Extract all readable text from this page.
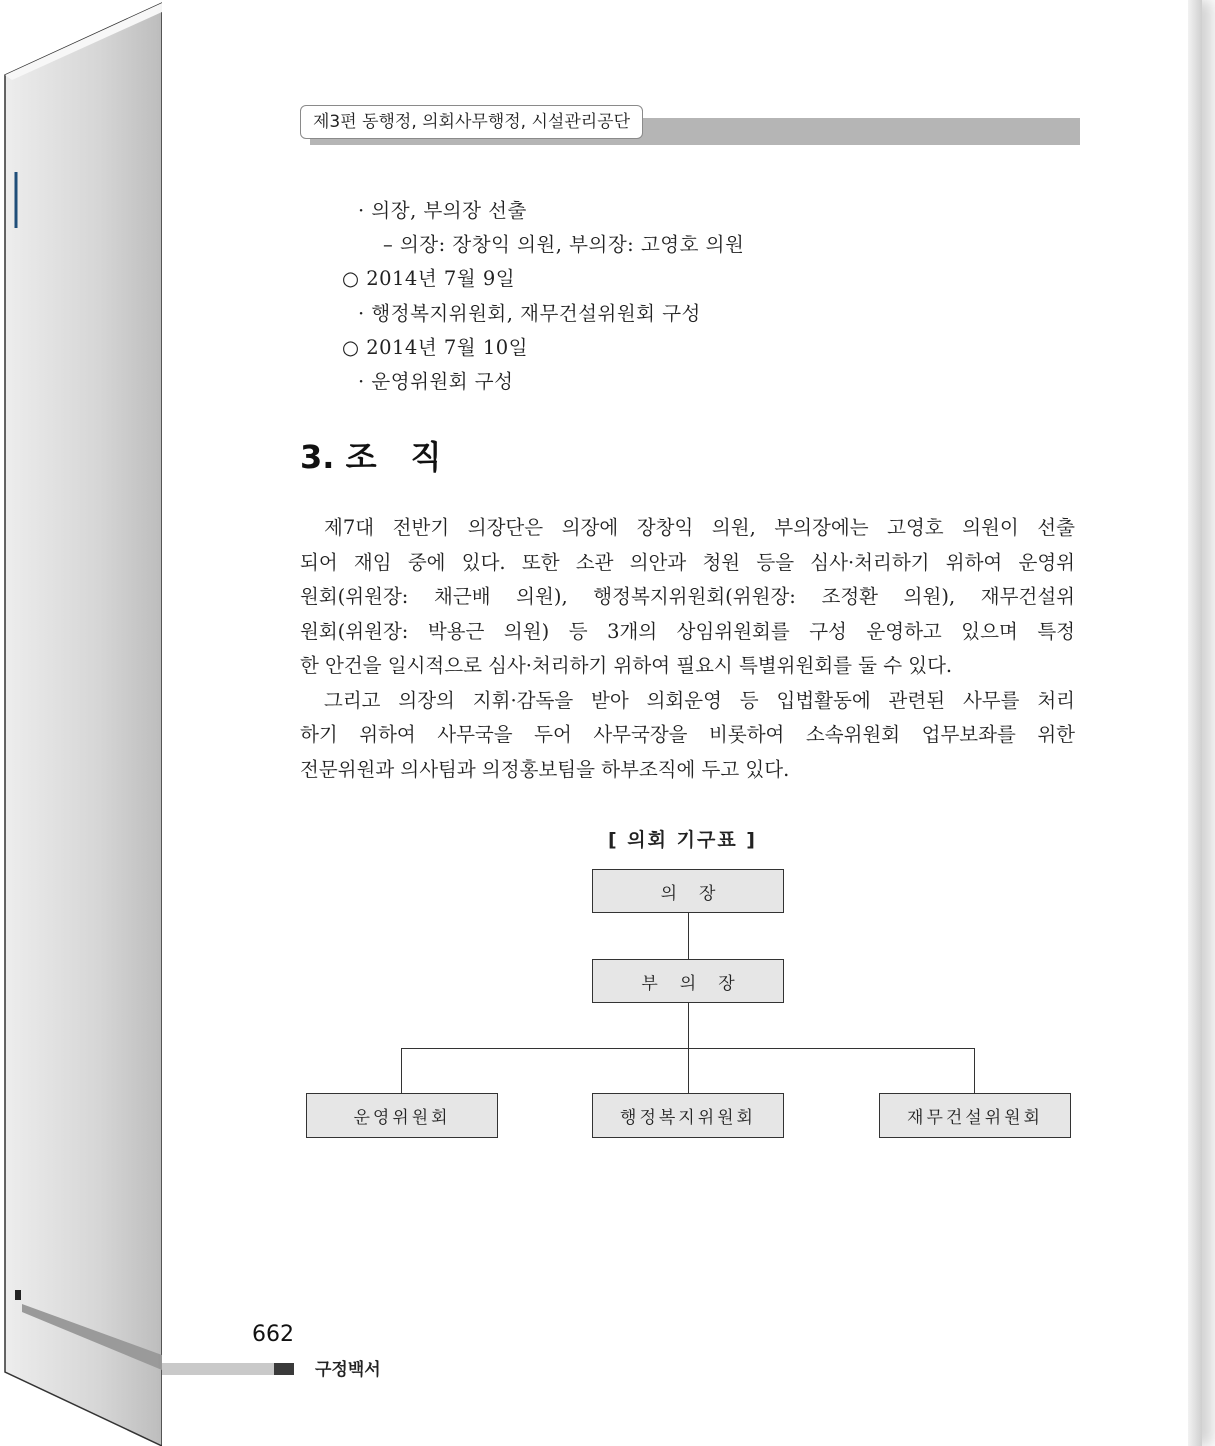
제3편 동행정, 의회사무행정, 시설관리공단
· 의장, 부의장 선출
– 의장: 장창익 의원, 부의장: 고영호 의원
○ 2014년 7월 9일
· 행정복지위원회, 재무건설위원회 구성
○ 2014년 7월 10일
· 운영위원회 구성
3. 조직
제7대 전반기 의장단은 의장에 장창익 의원, 부의장에는 고영호 의원이 선출
되어 재임 중에 있다. 또한 소관 의안과 청원 등을 심사·처리하기 위하여 운영위
원회(위원장: 채근배 의원), 행정복지위원회(위원장: 조정환 의원), 재무건설위
원회(위원장: 박용근 의원) 등 3개의 상임위원회를 구성 운영하고 있으며 특정
한 안건을 일시적으로 심사·처리하기 위하여 필요시 특별위원회를 둘 수 있다.
그리고 의장의 지휘·감독을 받아 의회운영 등 입법활동에 관련된 사무를 처리
하기 위하여 사무국을 두어 사무국장을 비롯하여 소속위원회 업무보좌를 위한
전문위원과 의사팀과 의정홍보팀을 하부조직에 두고 있다.
[ 의회 기구표 ]
의장
부의장
운영위원회	행정복지위원회	재무건설위원회
662
구정백서
